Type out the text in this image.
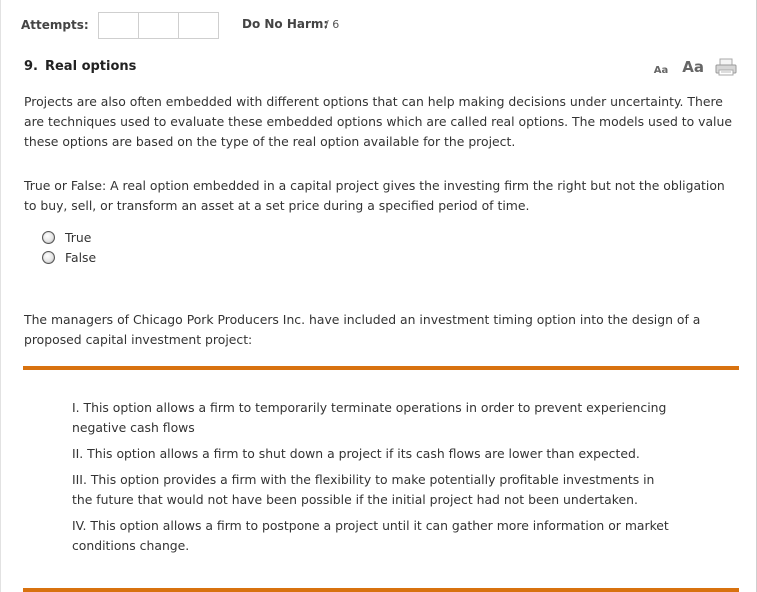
Attempts:	Do No Harm:
/ 6
9. Real options	Aa Aa
Projects are also often embedded with different options that can help making decisions under uncertainty. There are techniques used to evaluate these embedded options which are called real options. The models used to value these options are based on the type of the real option available for the project.
True or False: A real option embedded in a capital project gives the investing firm the right but not the obligation to buy, sell, or transform an asset at a set price during a specified period of time.
True
False
The managers of Chicago Pork Producers Inc. have included an investment timing option into the design of a proposed capital investment project:
I. This option allows a firm to temporarily terminate operations in order to prevent experiencing negative cash flows
II. This option allows a firm to shut down a project if its cash flows are lower than expected.
III. This option provides a firm with the flexibility to make potentially profitable investments in the future that would not have been possible if the initial project had not been undertaken.
IV. This option allows a firm to postpone a project until it can gather more information or market conditions change.
